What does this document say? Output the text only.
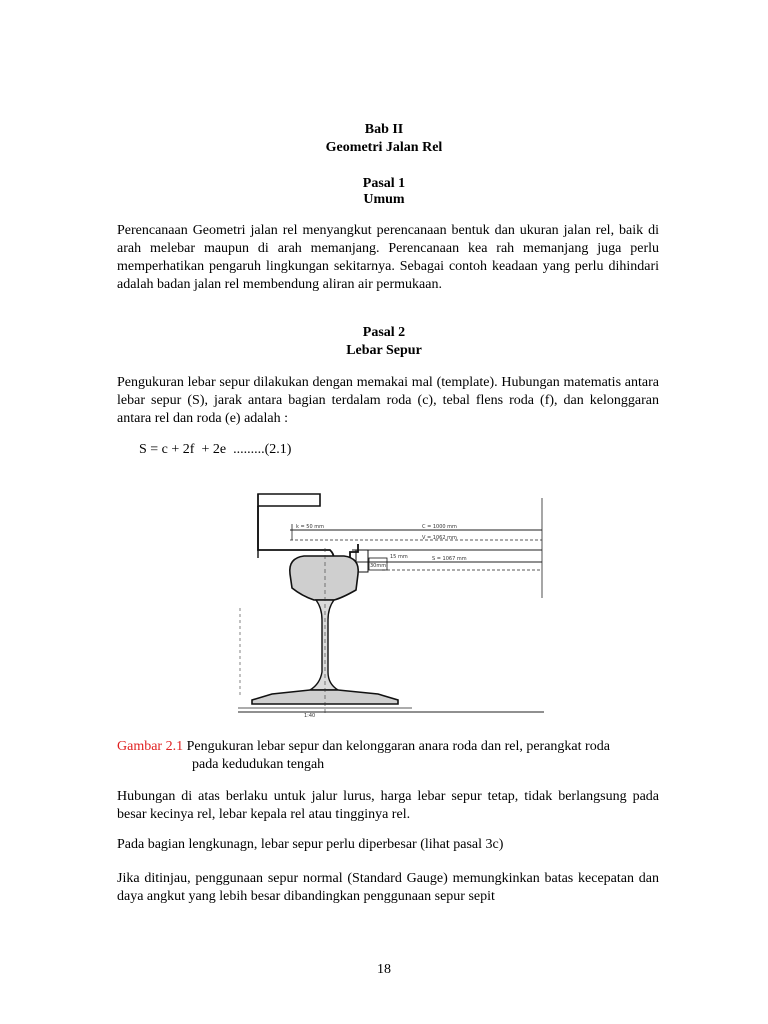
Bab II
Geometri Jalan Rel
Pasal 1
Umum
Perencanaan Geometri jalan rel menyangkut perencanaan bentuk dan ukuran jalan rel, baik di arah melebar maupun di arah memanjang. Perencanaan kea rah memanjang juga perlu memperhatikan pengaruh lingkungan sekitarnya. Sebagai contoh keadaan yang perlu dihindari adalah badan jalan rel membendung aliran air permukaan.
Pasal 2
Lebar Sepur
Pengukuran lebar sepur dilakukan dengan memakai mal (template). Hubungan matematis antara lebar sepur (S), jarak antara bagian terdalam roda (c), tebal flens roda (f), dan kelonggaran antara rel dan roda (e) adalah :
S = c + 2f  + 2e  .........(2.1)
k = 50 mm	C = 1000 mm
V = 1062 mm
S = 1067 mm
30mm
15 mm
1:40
Gambar 2.1 Pengukuran lebar sepur dan kelonggaran anara roda dan rel, perangkat roda
pada kedudukan tengah
Hubungan di atas berlaku untuk jalur lurus, harga lebar sepur tetap, tidak berlangsung pada besar kecinya rel, lebar kepala rel atau tingginya rel.
Pada bagian lengkunagn, lebar sepur perlu diperbesar (lihat pasal 3c)
Jika ditinjau, penggunaan sepur normal (Standard Gauge) memungkinkan batas kecepatan dan daya angkut yang lebih besar dibandingkan penggunaan sepur sepit
18
